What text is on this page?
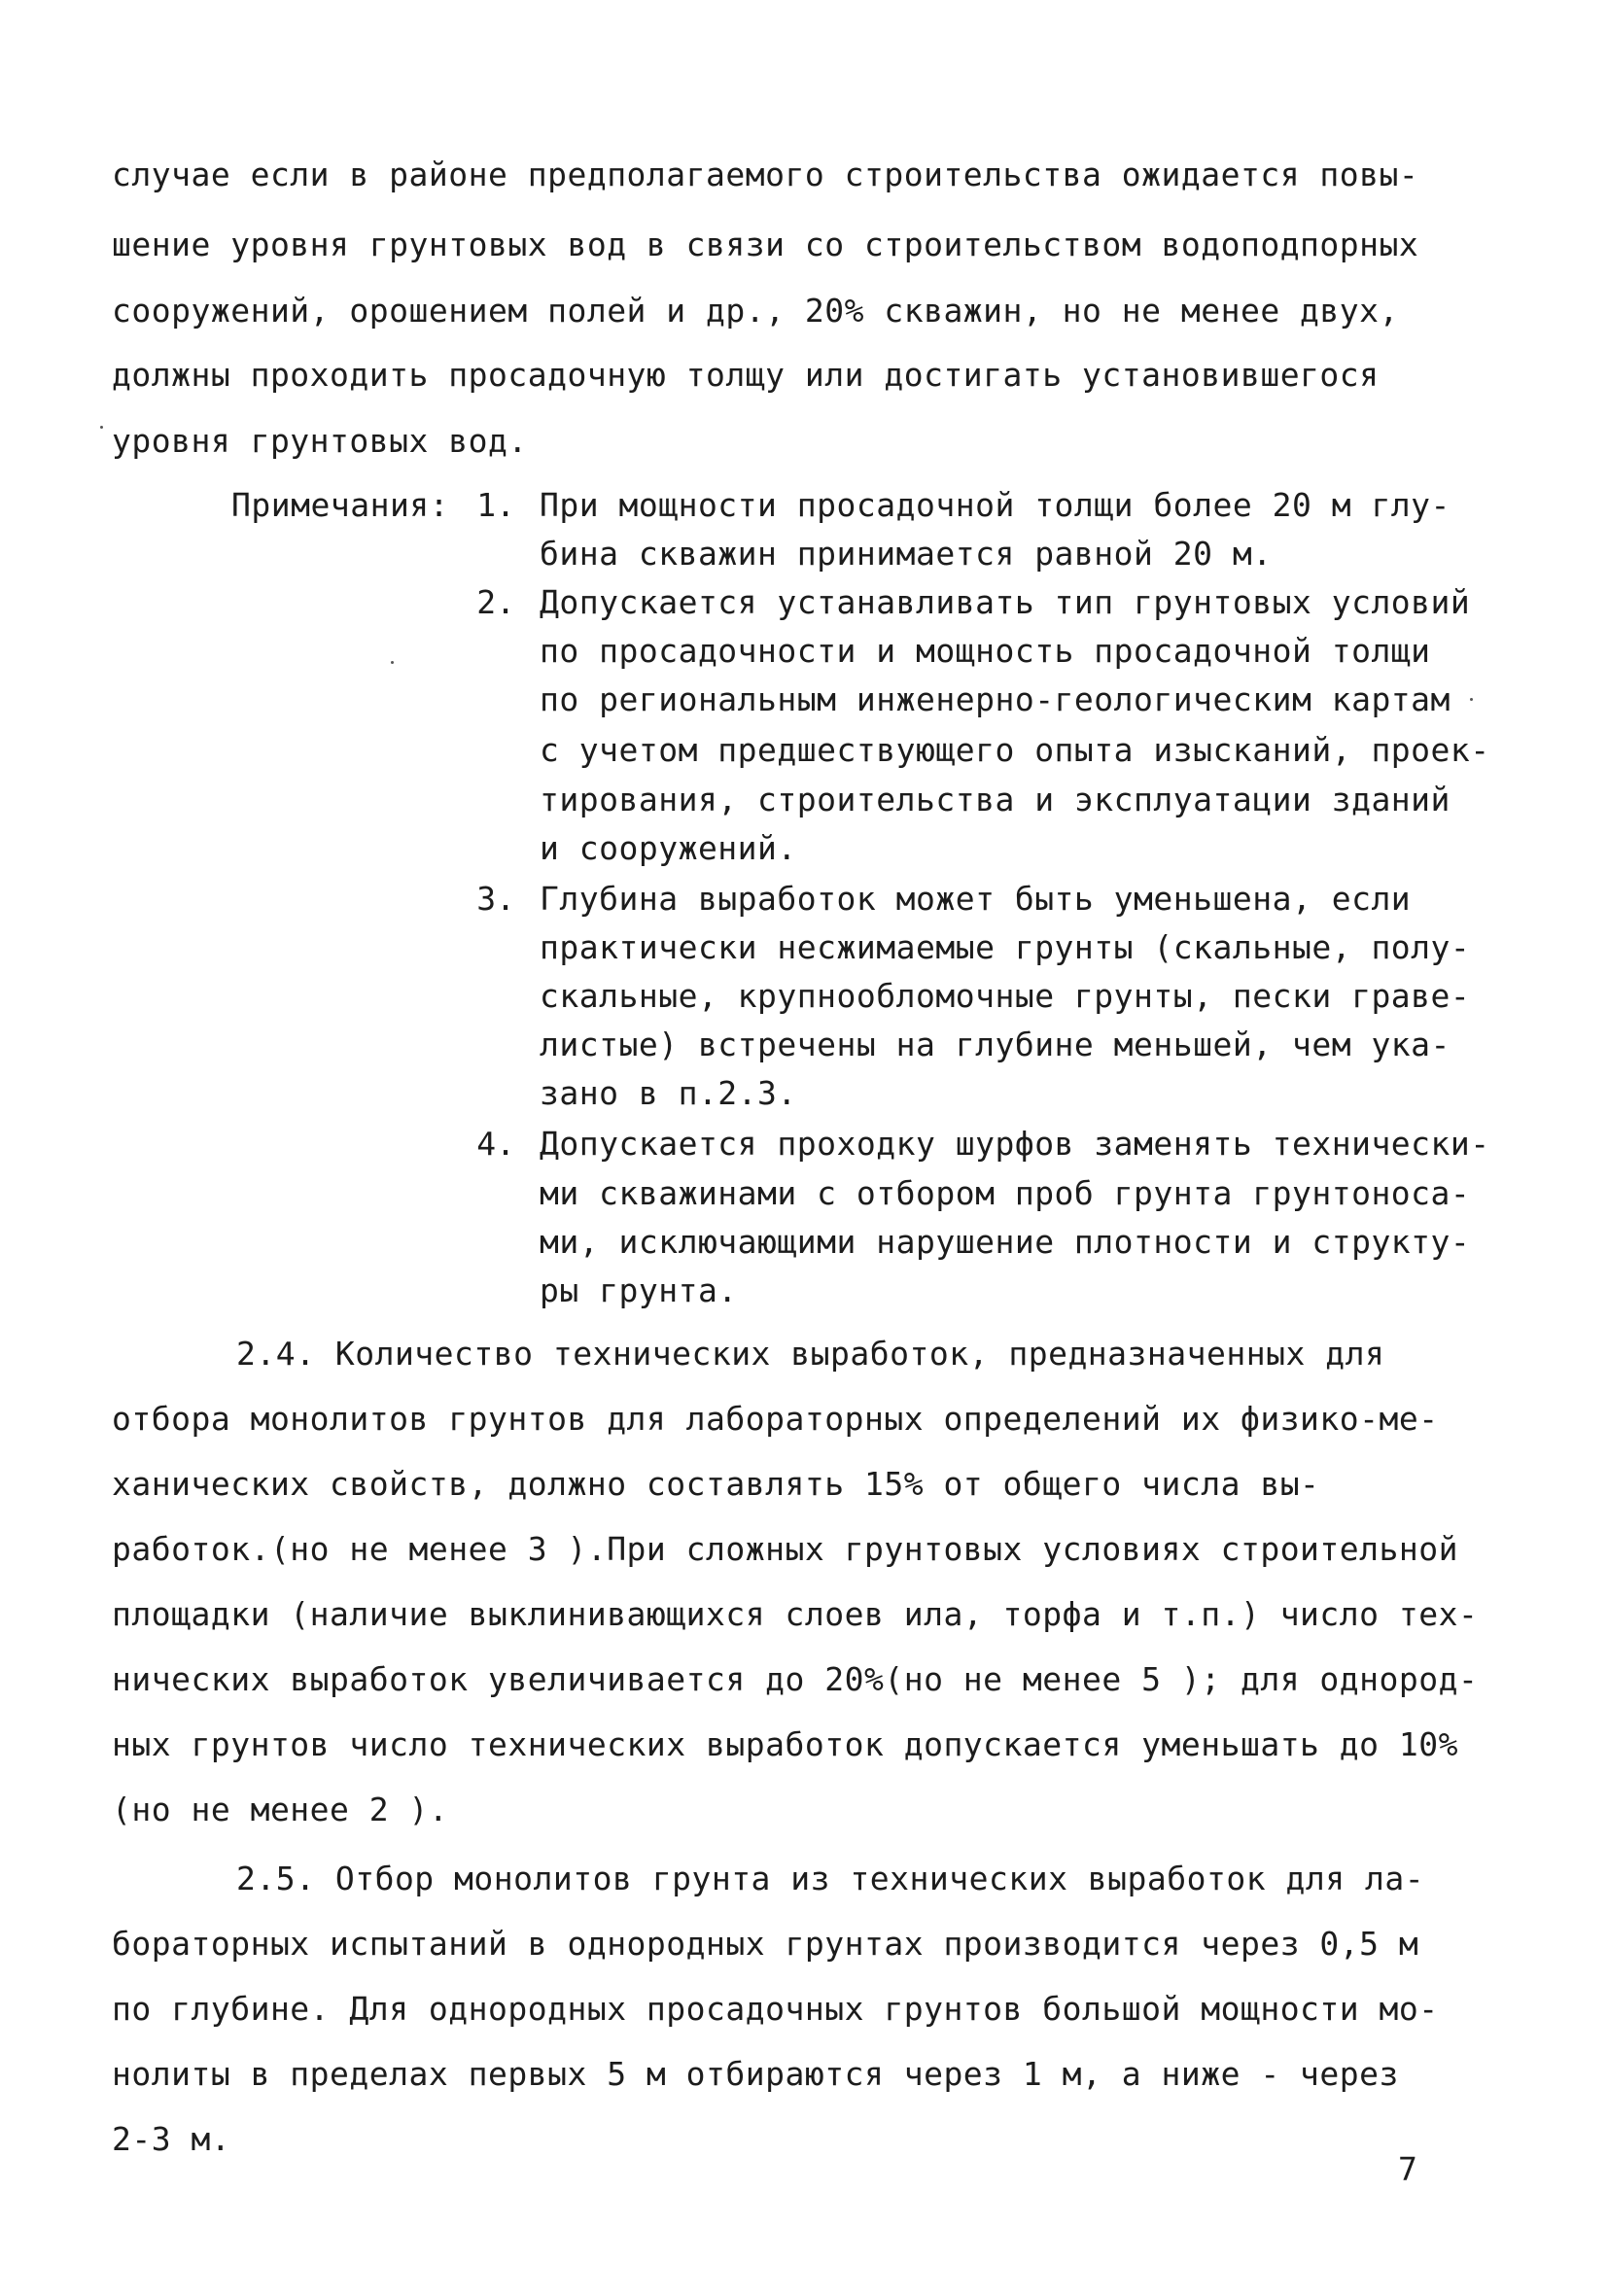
случае если в районе предполагаемого строительства ожидается повы-
шение уровня грунтовых вод в связи со строительством водоподпорных
сооружений, орошением полей и др., 20% скважин, но не менее двух,
должны проходить просадочную толщу или достигать установившегося
уровня грунтовых вод.
Примечания: 1. При мощности просадочной толщи более 20 м глу-
бина скважин принимается равной 20 м.
2. Допускается устанавливать тип грунтовых условий
по просадочности и мощность просадочной толщи
по региональным инженерно-геологическим картам
с учетом предшествующего опыта изысканий, проек-
тирования, строительства и эксплуатации зданий
и сооружений.
3. Глубина выработок может быть уменьшена, если
практически несжимаемые грунты (скальные, полу-
скальные, крупнообломочные грунты, пески граве-
листые) встречены на глубине меньшей, чем ука-
зано в п.2.3.
4. Допускается проходку шурфов заменять технически-
ми скважинами с отбором проб грунта грунтоноса-
ми, исключающими нарушение плотности и структу-
ры грунта.
2.4. Количество технических выработок, предназначенных для
отбора монолитов грунтов для лабораторных определений их физико-ме-
ханических свойств, должно составлять 15% от общего числа вы-
работок.(но не менее 3 ).При сложных грунтовых условиях строительной
площадки (наличие выклинивающихся слоев ила, торфа и т.п.) число тех-
нических выработок увеличивается до 20%(но не менее 5 ); для однород-
ных грунтов число технических выработок допускается уменьшать до 10%
(но не менее 2 ).
2.5. Отбор монолитов грунта из технических выработок для ла-
бораторных испытаний в однородных грунтах производится через 0,5 м
по глубине. Для однородных просадочных грунтов большой мощности мо-
нолиты в пределах первых 5 м отбираются через 1 м, а ниже - через
2-3 м.
7
